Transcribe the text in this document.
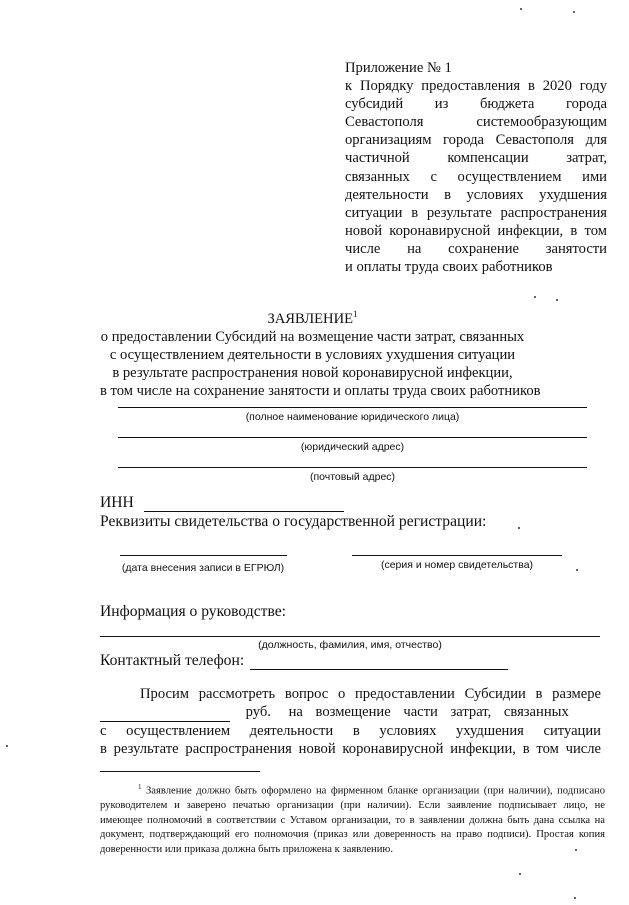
Приложение № 1
к Порядку предоставления в 2020 году
субсидий из бюджета города
Севастополя системообразующим
организациям города Севастополя для
частичной компенсации затрат,
связанных с осуществлением ими
деятельности в условиях ухудшения
ситуации в результате распространения
новой коронавирусной инфекции, в том
числе на сохранение занятости
и оплаты труда своих работников
ЗАЯВЛЕНИЕ$^1$
о предоставлении Субсидий на возмещение части затрат, связанных
с осуществлением деятельности в условиях ухудшения ситуации
в результате распространения новой коронавирусной инфекции,
в том числе на сохранение занятости и оплаты труда своих работников
(полное наименование юридического лица)
(юридический адрес)
(почтовый адрес)
ИНН
Реквизиты свидетельства о государственной регистрации:
(дата внесения записи в ЕГРЮЛ)	(серия и номер свидетельства)
Информация о руководстве:
(должность, фамилия, имя, отчество)
Контактный телефон:
Просим рассмотреть вопрос о предоставлении Субсидии в размере
руб. на возмещение части затрат, связанных
с осуществлением деятельности в условиях ухудшения ситуации
в результате распространения новой коронавирусной инфекции, в том числе
$^1$ Заявление должно быть оформлено на фирменном бланке организации (при наличии), подписано руководителем и заверено печатью организации (при наличии). Если заявление подписывает лицо, не имеющее полномочий в соответствии с Уставом организации, то в заявлении должна быть дана ссылка на документ, подтверждающий его полномочия (приказ или доверенность на право подписи). Простая копия доверенности или приказа должна быть приложена к заявлению.
